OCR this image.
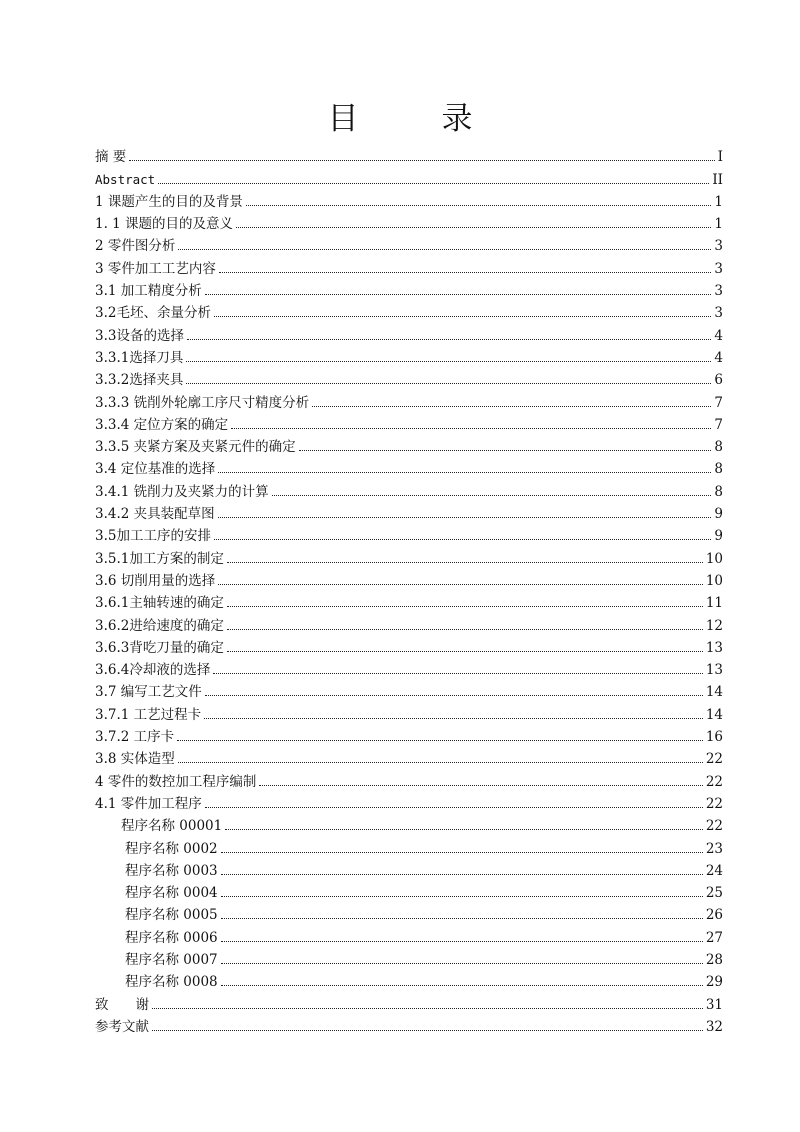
目　录
摘 要	I
Abstract	II
1 课题产生的目的及背景	1
1. 1 课题的目的及意义	1
2 零件图分析	3
3 零件加工工艺内容	3
3.1 加工精度分析	3
3.2毛坯、余量分析	3
3.3设备的选择	4
3.3.1选择刀具	4
3.3.2选择夹具	6
3.3.3 铣削外轮廓工序尺寸精度分析	7
3.3.4 定位方案的确定	7
3.3.5 夹紧方案及夹紧元件的确定	8
3.4 定位基准的选择	8
3.4.1 铣削力及夹紧力的计算	8
3.4.2 夹具装配草图	9
3.5加工工序的安排	9
3.5.1加工方案的制定	10
3.6 切削用量的选择	10
3.6.1主轴转速的确定	11
3.6.2进给速度的确定	12
3.6.3背吃刀量的确定	13
3.6.4冷却液的选择	13
3.7 编写工艺文件	14
3.7.1 工艺过程卡	14
3.7.2 工序卡	16
3.8 实体造型	22
4 零件的数控加工程序编制	22
4.1 零件加工程序	22
程序名称 00001	22
程序名称 0002	23
程序名称 0003	24
程序名称 0004	25
程序名称 0005	26
程序名称 0006	27
程序名称 0007	28
程序名称 0008	29
致　　谢	31
参考文献	32
